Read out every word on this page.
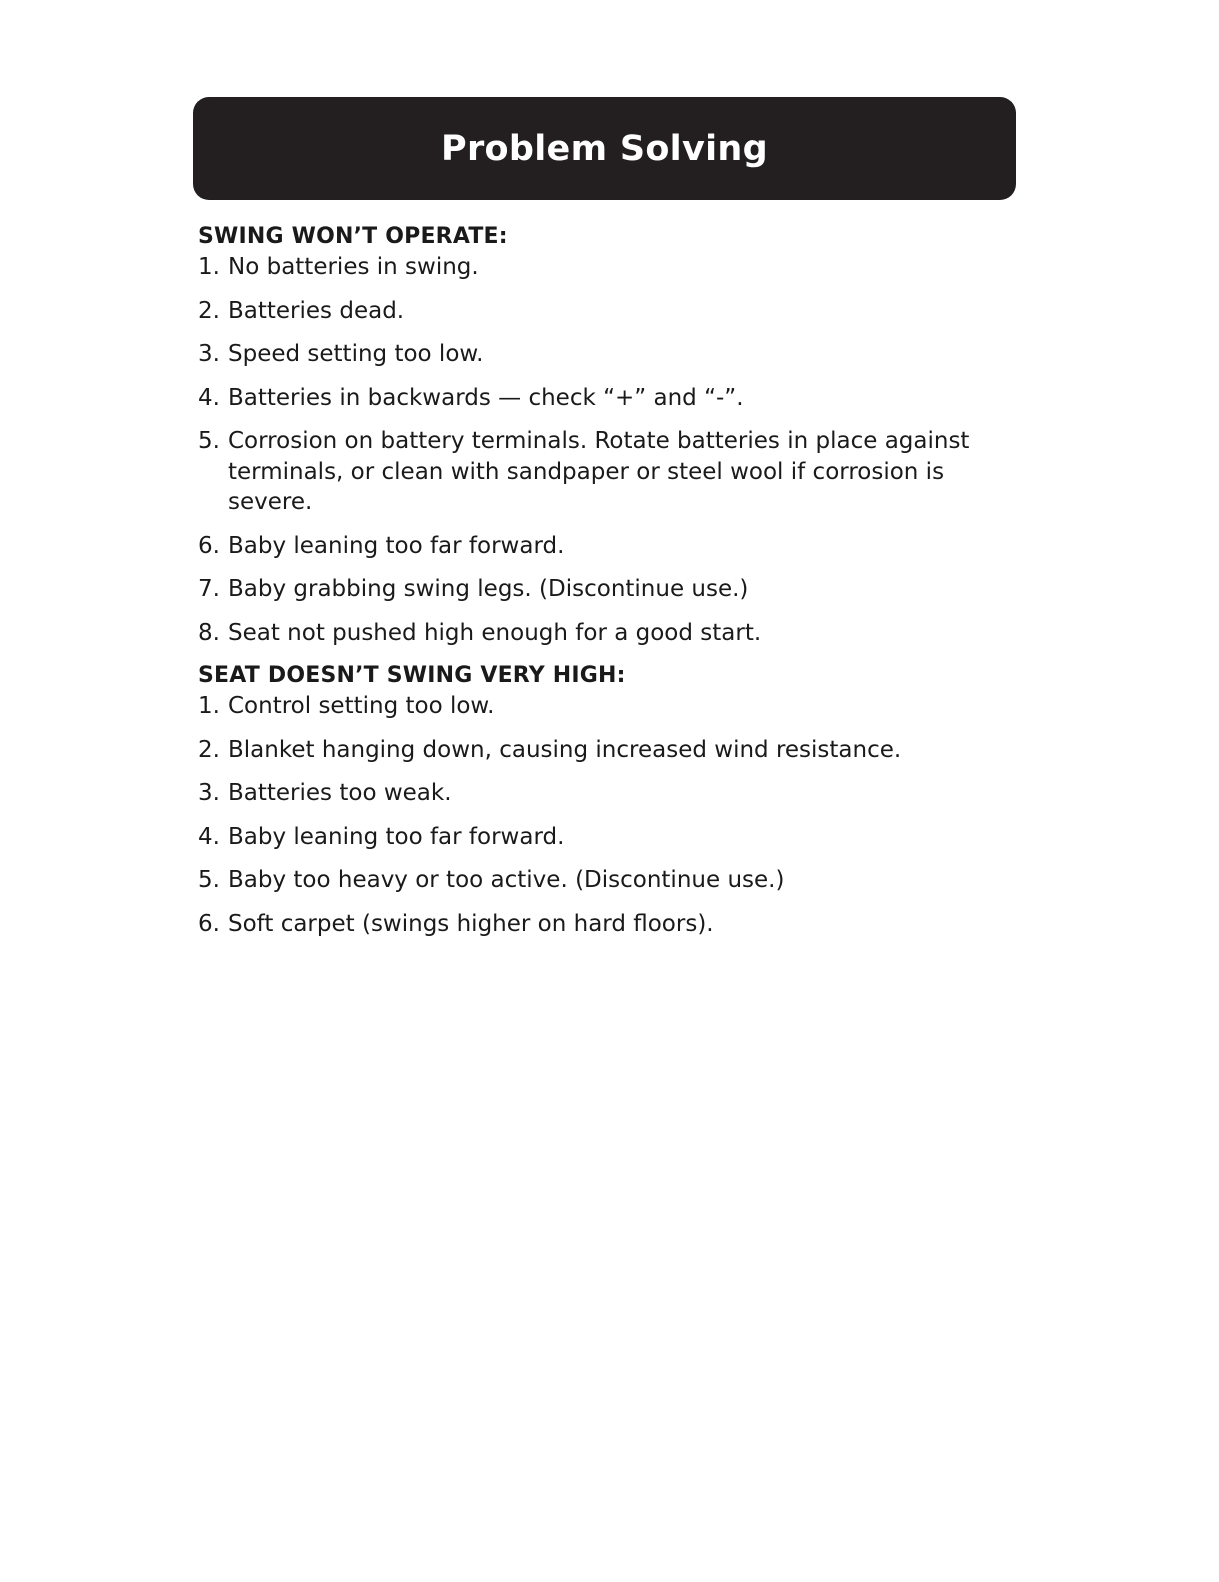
Problem Solving
SWING WON’T OPERATE:
1. No batteries in swing.
2. Batteries dead.
3. Speed setting too low.
4. Batteries in backwards — check “+” and “-”.
5. Corrosion on battery terminals. Rotate batteries in place against terminals, or clean with sandpaper or steel wool if corrosion is severe.
6. Baby leaning too far forward.
7. Baby grabbing swing legs. (Discontinue use.)
8. Seat not pushed high enough for a good start.
SEAT DOESN’T SWING VERY HIGH:
1. Control setting too low.
2. Blanket hanging down, causing increased wind resistance.
3. Batteries too weak.
4. Baby leaning too far forward.
5. Baby too heavy or too active. (Discontinue use.)
6. Soft carpet (swings higher on hard floors).
